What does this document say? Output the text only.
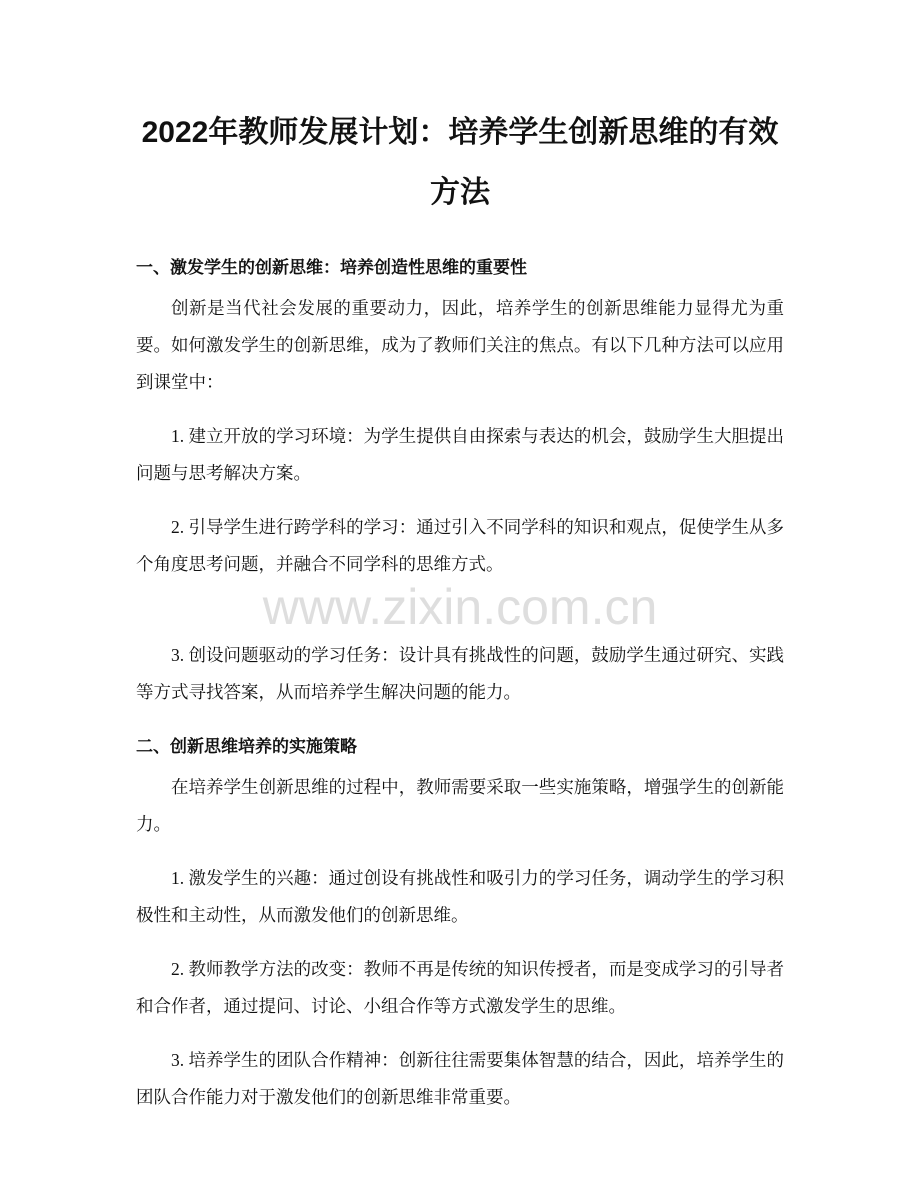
2022年教师发展计划：培养学生创新思维的有效方法
一、激发学生的创新思维：培养创造性思维的重要性

创新是当代社会发展的重要动力，因此，培养学生的创新思维能力显得尤为重要。如何激发学生的创新思维，成为了教师们关注的焦点。有以下几种方法可以应用到课堂中：

1. 建立开放的学习环境：为学生提供自由探索与表达的机会，鼓励学生大胆提出问题与思考解决方案。

2. 引导学生进行跨学科的学习：通过引入不同学科的知识和观点，促使学生从多个角度思考问题，并融合不同学科的思维方式。

www.zixin.com.cn

3. 创设问题驱动的学习任务：设计具有挑战性的问题，鼓励学生通过研究、实践等方式寻找答案，从而培养学生解决问题的能力。

二、创新思维培养的实施策略

在培养学生创新思维的过程中，教师需要采取一些实施策略，增强学生的创新能力。

1. 激发学生的兴趣：通过创设有挑战性和吸引力的学习任务，调动学生的学习积极性和主动性，从而激发他们的创新思维。

2. 教师教学方法的改变：教师不再是传统的知识传授者，而是变成学习的引导者和合作者，通过提问、讨论、小组合作等方式激发学生的思维。

3. 培养学生的团队合作精神：创新往往需要集体智慧的结合，因此，培养学生的团队合作能力对于激发他们的创新思维非常重要。
